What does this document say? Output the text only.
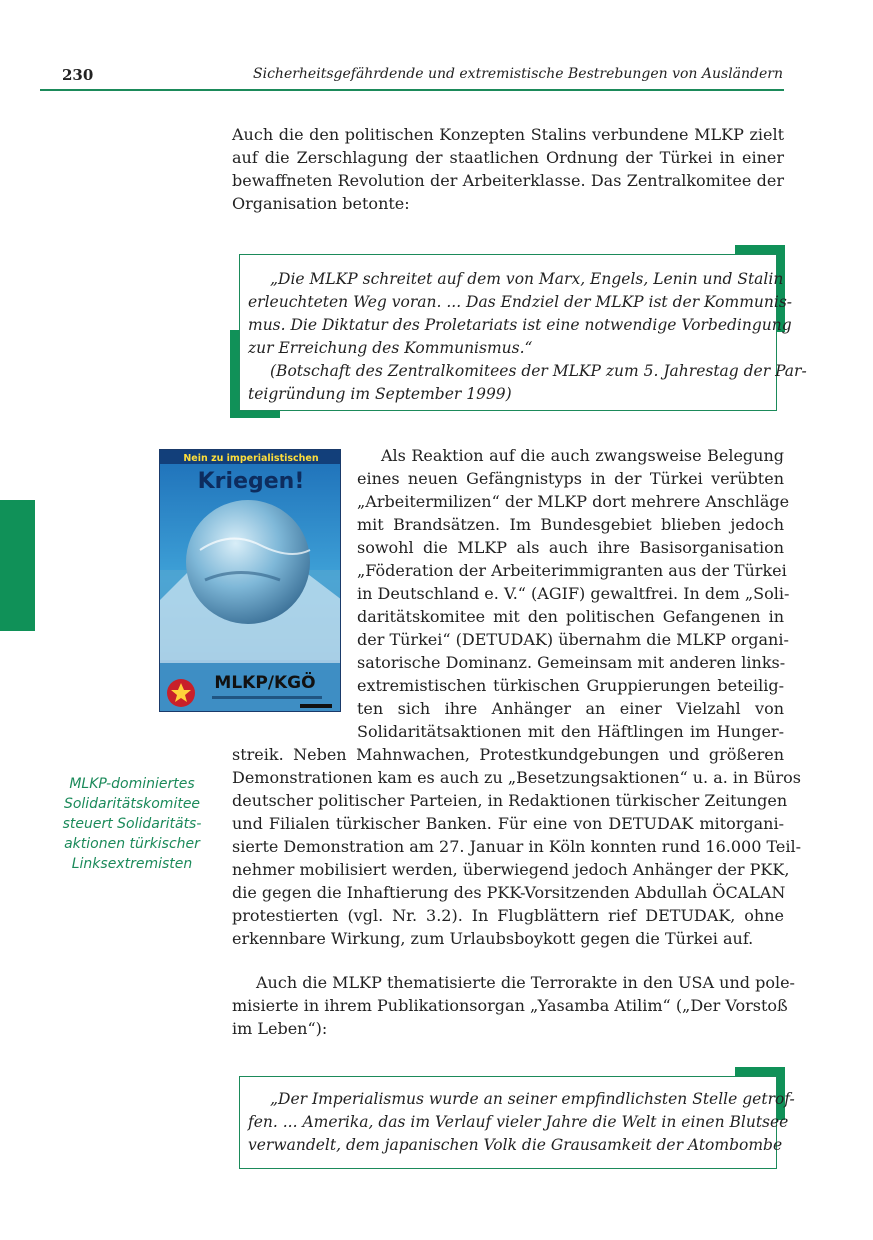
230	Sicherheitsgefährdende und extremistische Bestrebungen von Ausländern
Auch die den politischen Konzepten Stalins verbundene MLKP zielt
auf die Zerschlagung der staatlichen Ordnung der Türkei in einer
bewaffneten Revolution der Arbeiterklasse. Das Zentralkomitee der
Organisation betonte:
„Die MLKP schreitet auf dem von Marx, Engels, Lenin und Stalin
erleuchteten Weg voran. ... Das Endziel der MLKP ist der Kommunis-
mus. Die Diktatur des Proletariats ist eine notwendige Vorbedingung
zur Erreichung des Kommunismus.“
(Botschaft des Zentralkomitees der MLKP zum 5. Jahrestag der Par-
teigründung im September 1999)
Nein zu imperialistischen
Kriegen!
MLKP/KGÖ
MLKP-dominiertes
Solidaritätskomitee
steuert Solidaritäts-
aktionen türkischer
Linksextremisten
Als Reaktion auf die auch zwangsweise Belegung
eines neuen Gefängnistyps in der Türkei verübten
„Arbeitermilizen“ der MLKP dort mehrere Anschläge
mit Brandsätzen. Im Bundesgebiet blieben jedoch
sowohl die MLKP als auch ihre Basisorganisation
„Föderation der Arbeiterimmigranten aus der Türkei
in Deutschland e. V.“ (AGIF) gewaltfrei. In dem „Soli-
daritätskomitee mit den politischen Gefangenen in
der Türkei“ (DETUDAK) übernahm die MLKP organi-
satorische Dominanz. Gemeinsam mit anderen links-
extremistischen türkischen Gruppierungen beteilig-
ten sich ihre Anhänger an einer Vielzahl von
Solidaritätsaktionen mit den Häftlingen im Hunger-
streik. Neben Mahnwachen, Protestkundgebungen und größeren
Demonstrationen kam es auch zu „Besetzungsaktionen“ u. a. in Büros
deutscher politischer Parteien, in Redaktionen türkischer Zeitungen
und Filialen türkischer Banken. Für eine von DETUDAK mitorgani-
sierte Demonstration am 27. Januar in Köln konnten rund 16.000 Teil-
nehmer mobilisiert werden, überwiegend jedoch Anhänger der PKK,
die gegen die Inhaftierung des PKK-Vorsitzenden Abdullah ÖCALAN
protestierten (vgl. Nr. 3.2). In Flugblättern rief DETUDAK, ohne
erkennbare Wirkung, zum Urlaubsboykott gegen die Türkei auf.
Auch die MLKP thematisierte die Terrorakte in den USA und pole-
misierte in ihrem Publikationsorgan „Yasamba Atilim“ („Der Vorstoß
im Leben“):
„Der Imperialismus wurde an seiner empfindlichsten Stelle getrof-
fen. ... Amerika, das im Verlauf vieler Jahre die Welt in einen Blutsee
verwandelt, dem japanischen Volk die Grausamkeit der Atombombe
